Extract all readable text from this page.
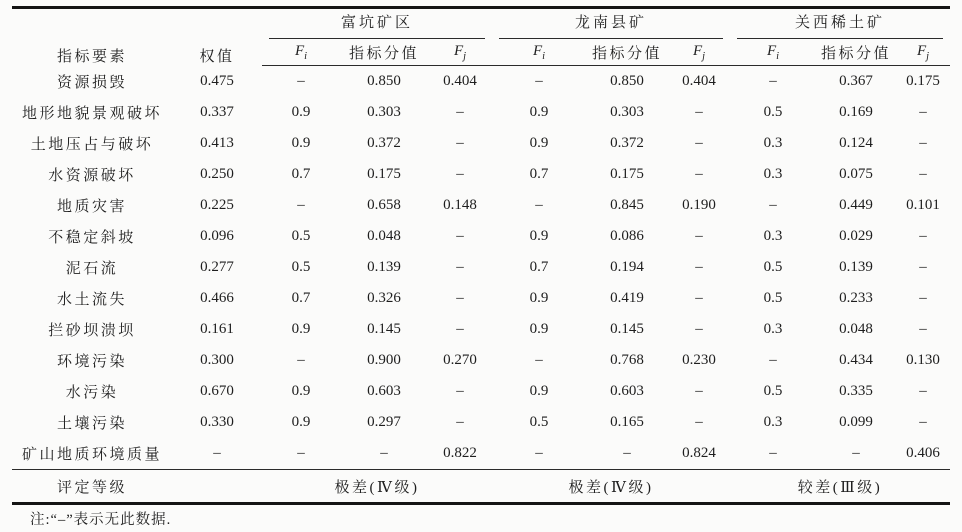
指标要素	权值	富坑矿区			龙南县矿			关西稀土矿		

		$F_i$	指标分值	$F_j$	$F_i$	指标分值	$F_j$	$F_i$	指标分值	$F_j$
资源损毁	0.475	–	0.850	0.404	–	0.850	0.404	–	0.367	0.175
地形地貌景观破坏	0.337	0.9	0.303	–	0.9	0.303	–	0.5	0.169	–
土地压占与破坏	0.413	0.9	0.372	–	0.9	0.372	–	0.3	0.124	–
水资源破坏	0.250	0.7	0.175	–	0.7	0.175	–	0.3	0.075	–
地质灾害	0.225	–	0.658	0.148	–	0.845	0.190	–	0.449	0.101
不稳定斜坡	0.096	0.5	0.048	–	0.9	0.086	–	0.3	0.029	–
泥石流	0.277	0.5	0.139	–	0.7	0.194	–	0.5	0.139	–
水土流失	0.466	0.7	0.326	–	0.9	0.419	–	0.5	0.233	–
拦砂坝溃坝	0.161	0.9	0.145	–	0.9	0.145	–	0.3	0.048	–
环境污染	0.300	–	0.900	0.270	–	0.768	0.230	–	0.434	0.130
水污染	0.670	0.9	0.603	–	0.9	0.603	–	0.5	0.335	–
土壤污染	0.330	0.9	0.297	–	0.5	0.165	–	0.3	0.099	–
矿山地质环境质量	–	–	–	0.822	–	–	0.824	–	–	0.406
评定等级		极差(Ⅳ级)			极差(Ⅳ级)			较差(Ⅲ级)		
注:“–”表示无此数据.
